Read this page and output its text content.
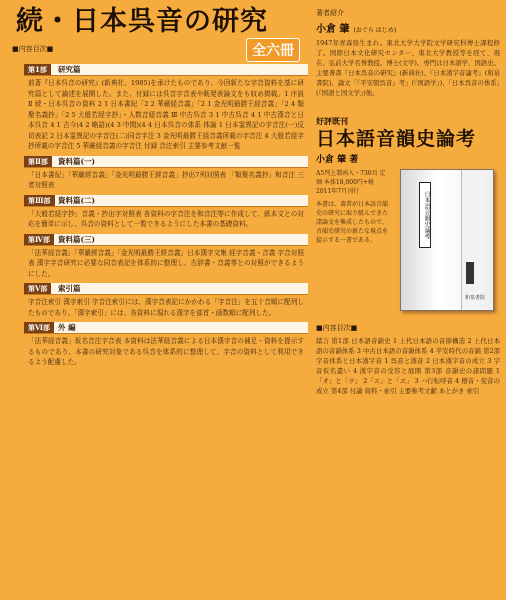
続・日本呉音の研究
■内容目次■	全六冊
第1部	研究篇
前著『日本呉音の研究』(新典社、1985)を承けたものであり、今回新たな字音資料を基に研究篇として論述を展開した。また、付録には呉音字音表や既発表論文をも収め掲載。1 序説 Ⅱ 続・日本呉音の資料 2 1 日本書紀「2 2 華厳経音義」「2 1 金光明最勝王経音義」「2 4 類聚名義抄」「2 5 大般若経字抄」・人数音経音義 Ⅲ 中古呉音 3 1 中古呉音 4 1 中古漢音と日本呉音 4 1 古今(4 2 略語)(4 3 中間)(4 4 日本呉音の体系 体論 1 日本霊異記の字音注(一)反切表記 2 日本霊異記の字音注(二)同音字注 3 金光明最勝王経音義所載の字音注 4 大般若経字抄所載の字音注 5 華厳経音義の字音注 付録 音注索引 主要参考文献一覧
第Ⅱ部	資料篇(一)
「日本書紀」「華嚴經音義」「金光明最勝王經音義」抄出7列対照表 「類聚名義抄」和音注 三者対照表
第Ⅲ部 資料篇(二)
「大般若経字抄」音義・抄出字対照表 各資料の字音注を和音注等に作成して、紙本文との対応を簡単に示し、呉音の資料として一覧できるようにした本書の基礎資料。
第Ⅳ部	資料篇(三)
「法華経音義」「華嚴經音義」「金光明最勝王經音義」日本漢字文集 経字音義・音義 字音対照表 漢字字音研究に必要な同音表記を体系的に整理し、古辞書・音義等との対照ができるようにした。
第Ⅴ部	索引篇
字音注索引 漢字索引 字音注索引には、漢字音表記にかかわる「字音注」を五十音順に配列したものであり、「漢字索引」には、各資料に現れる漢字を部首・画数順に配列した。
第Ⅵ部	外 編
「法華経音義」仮名音注字音表 本資料は法華経音義による日本漢字音の補足・資料を提示するものであり、本書の研究対象である呉音を体系的に整理して、字音の資料として利用できるよう配慮した。
著者紹介
小倉 肇 (おぐら はじめ)
1947年青森県生まれ。東北大学大学院文学研究科博士課程修了。国際日本文化研究センター、東北大学教授等を経て、現在、弘前大学名誉教授。博士(文学)。専門は日本語学、国語史。主要著書『日本呉音の研究』(新典社)、『日本漢字音論考』(和泉書院)、論文「『平安朝呉音』考」(『国語学』)、「日本呉音の体系」(『国語と国文学』)他。
好評既刊
日本語音韻史論考
小倉 肇 著
A5判上製函入・730頁 定価 本体18,000円+税 2011年7月刊行
本書は、著者が日本語音韻史の研究に取り組んできた諸論文を集成したもので、音韻史研究の新たな視点を提示する一書である。
日本語音韻史論考
和泉書院
■内容目次■
緒言 第1部 日本語音韻史 1 上代日本語の音節構造 2 上代日本語の音韻体系 3 中古日本語の音韻体系 4 平安時代の音韻 第2部 字音体系と日本漢字音 1 呉音と漢音 2 日本漢字音の成立 3 字音仮名遣い 4 漢字音の受容と展開 第3部 音韻史の諸問題 1「オ」と「ヲ」 2「エ」と「ヱ」 3 ハ行転呼音 4 撥音・促音の成立 第4部 付論 資料・索引 主要参考文献 あとがき 索引
